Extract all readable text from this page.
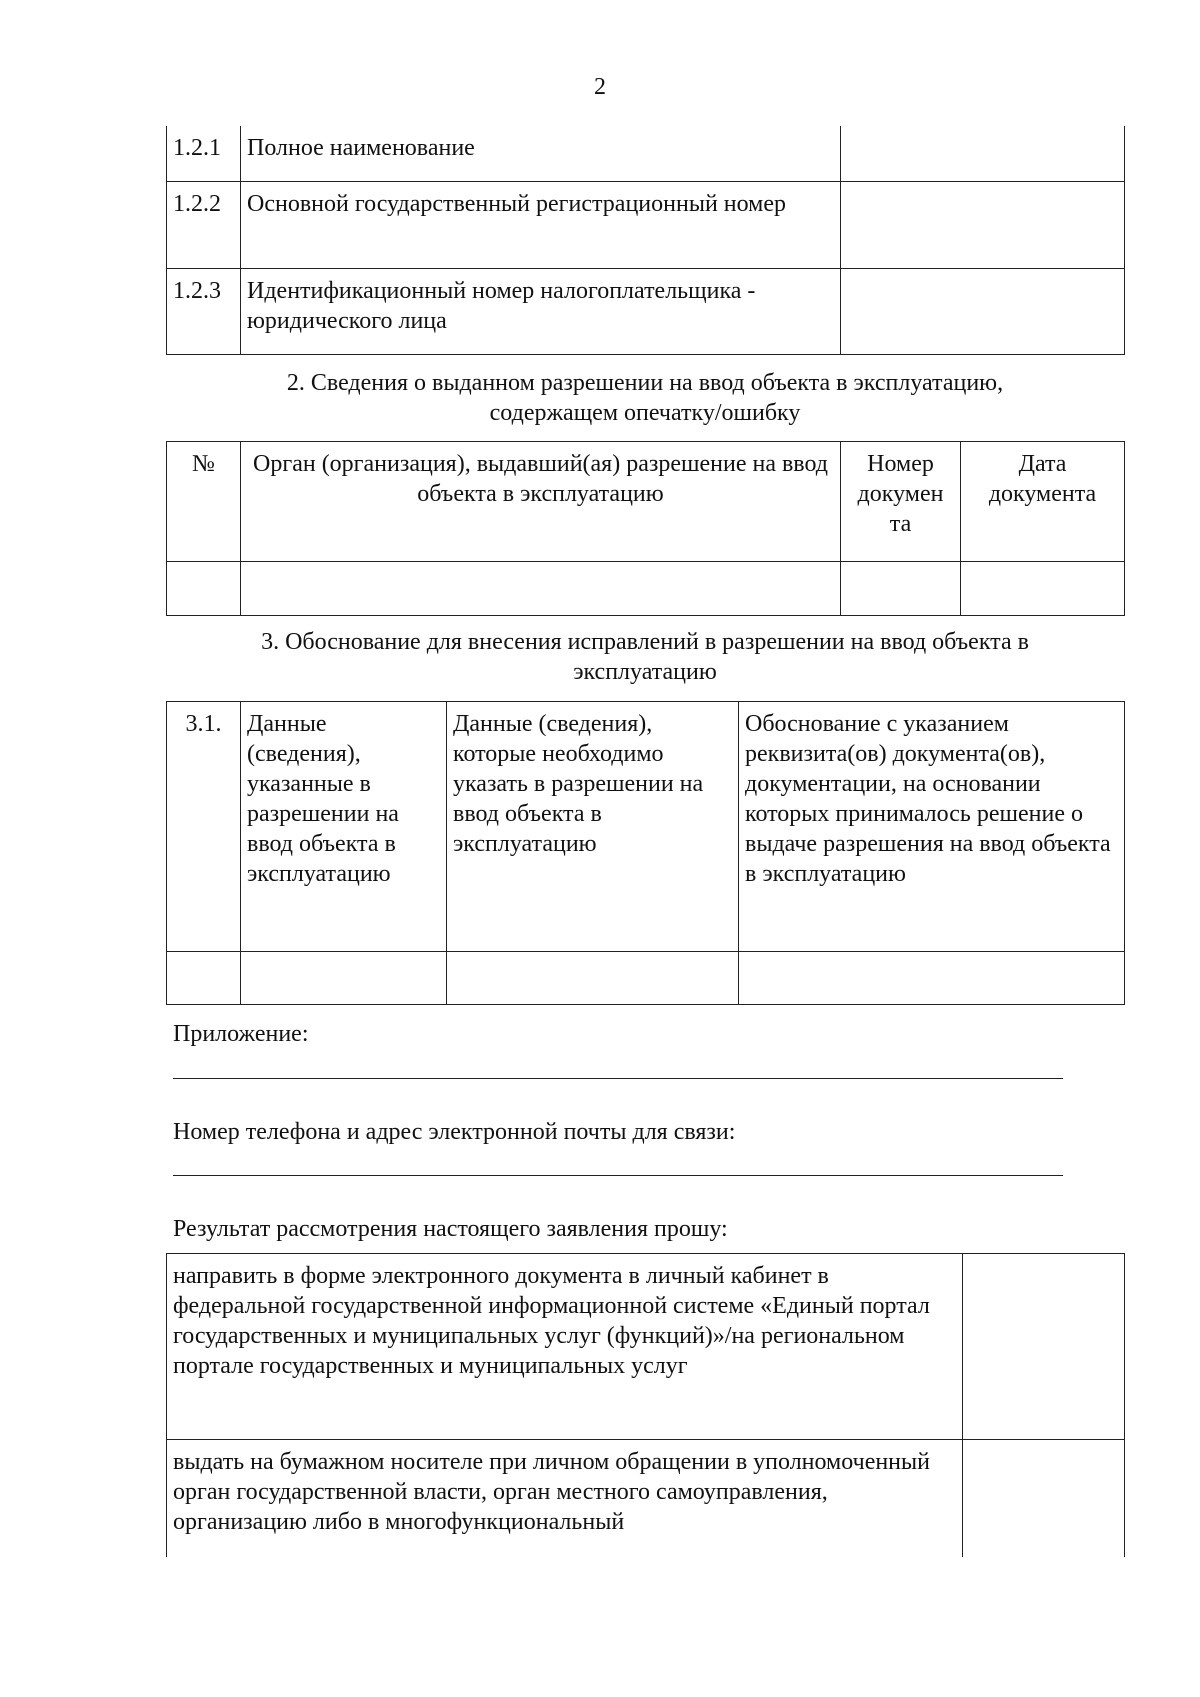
2
1.2.1	Полное наименование	
1.2.2	Основной государственный регистрационный номер	
1.2.3	Идентификационный номер налогоплательщика - юридического лица	
2. Сведения о выданном разрешении на ввод объекта в эксплуатацию,
содержащем опечатку/ошибку
№	Орган (организация), выдавший(ая) разрешение на ввод объекта в эксплуатацию	Номер докумен та	Дата документа

3. Обоснование для внесения исправлений в разрешении на ввод объекта в
эксплуатацию
3.1.	Данные (сведения), указанные в разрешении на ввод объекта в эксплуатацию	Данные (сведения), которые необходимо указать в разрешении на ввод объекта в эксплуатацию	Обоснование с указанием реквизита(ов) документа(ов), документации, на основании которых принималось решение о выдаче разрешения на ввод объекта в эксплуатацию

Приложение:
Номер телефона и адрес электронной почты для связи:
Результат рассмотрения настоящего заявления прошу:
направить в форме электронного документа в личный кабинет в федеральной государственной информационной системе «Единый портал государственных и муниципальных услуг (функций)»/на региональном портале государственных и муниципальных услуг	
выдать на бумажном носителе при личном обращении в уполномоченный орган государственной власти, орган местного самоуправления, организацию либо в многофункциональный	
